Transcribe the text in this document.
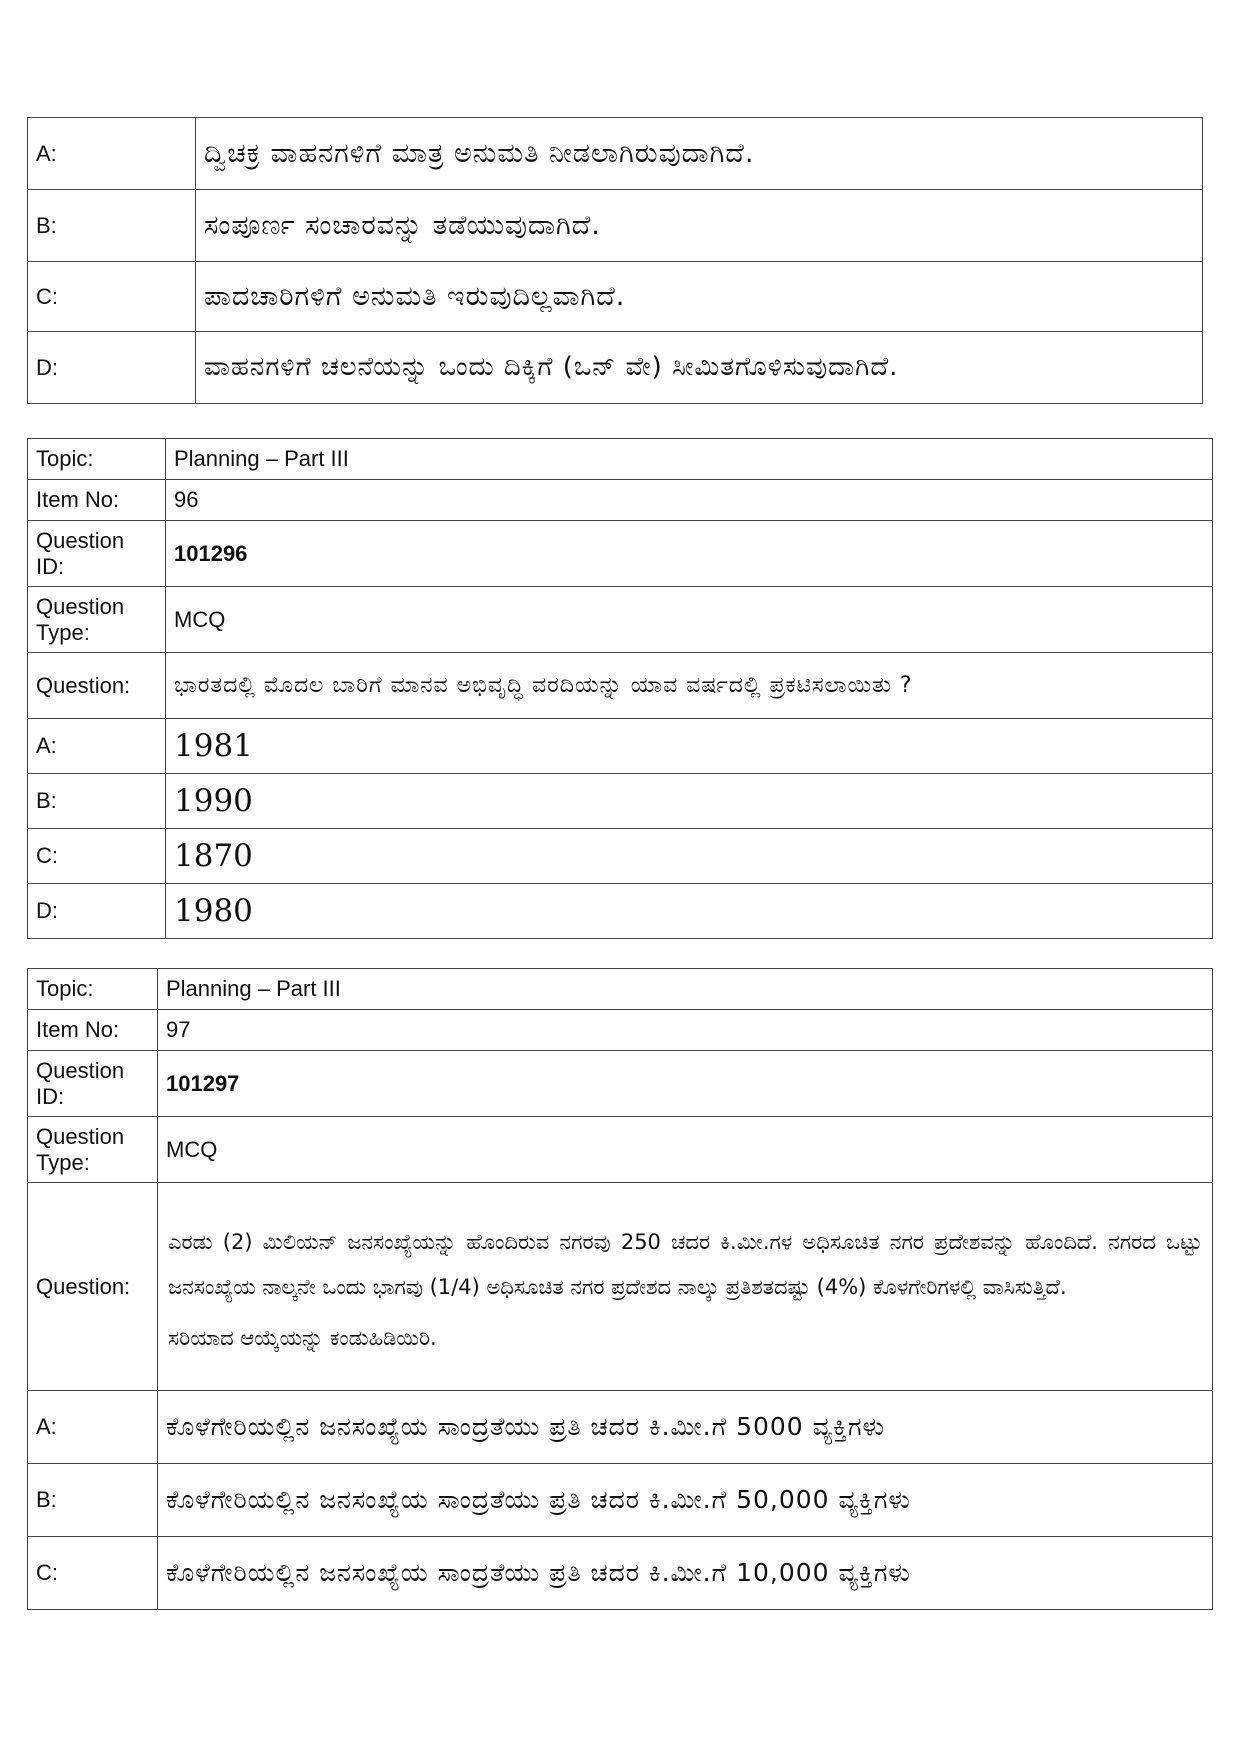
A:	ದ್ವಿಚಕ್ರ ವಾಹನಗಳಿಗೆ ಮಾತ್ರ ಅನುಮತಿ ನೀಡಲಾಗಿರುವುದಾಗಿದೆ.
B:	ಸಂಪೂರ್ಣ ಸಂಚಾರವನ್ನು ತಡೆಯುವುದಾಗಿದೆ.
C:	ಪಾದಚಾರಿಗಳಿಗೆ ಅನುಮತಿ ಇರುವುದಿಲ್ಲವಾಗಿದೆ.
D:	ವಾಹನಗಳಿಗೆ ಚಲನೆಯನ್ನು ಒಂದು ದಿಕ್ಕಿಗೆ (ಒನ್ ವೇ) ಸೀಮಿತಗೊಳಿಸುವುದಾಗಿದೆ.
Topic:	Planning – Part III
Item No:	96
Question
ID:	101296
Question
Type:	MCQ
Question:	ಭಾರತದಲ್ಲಿ ಮೊದಲ ಬಾರಿಗೆ ಮಾನವ ಅಭಿವೃದ್ಧಿ ವರದಿಯನ್ನು ಯಾವ ವರ್ಷದಲ್ಲಿ ಪ್ರಕಟಿಸಲಾಯಿತು ?
A:	1981
B:	1990
C:	1870
D:	1980
Topic:	Planning – Part III
Item No:	97
Question
ID:	101297
Question
Type:	MCQ
Question:	ಎರಡು (2) ಮಿಲಿಯನ್ ಜನಸಂಖ್ಯೆಯನ್ನು ಹೊಂದಿರುವ ನಗರವು 250 ಚದರ ಕಿ.ಮೀ.ಗಳ ಅಧಿಸೂಚಿತ ನಗರ ಪ್ರದೇಶವನ್ನು ಹೊಂದಿದೆ. ನಗರದ ಒಟ್ಟು ಜನಸಂಖ್ಯೆಯ ನಾಲ್ಕನೇ ಒಂದು ಭಾಗವು (1/4) ಅಧಿಸೂಚಿತ ನಗರ ಪ್ರದೇಶದ ನಾಲ್ಕು ಪ್ರತಿಶತದಷ್ಟು (4%) ಕೊಳಗೇರಿಗಳಲ್ಲಿ ವಾಸಿಸುತ್ತಿದೆ.

ಸರಿಯಾದ ಆಯ್ಕೆಯನ್ನು ಕಂಡುಹಿಡಿಯಿರಿ.

A:	ಕೊಳೆಗೇರಿಯಲ್ಲಿನ ಜನಸಂಖ್ಯೆಯ ಸಾಂದ್ರತೆಯು ಪ್ರತಿ ಚದರ ಕಿ.ಮೀ.ಗೆ 5000 ವ್ಯಕ್ತಿಗಳು
B:	ಕೊಳೆಗೇರಿಯಲ್ಲಿನ ಜನಸಂಖ್ಯೆಯ ಸಾಂದ್ರತೆಯು ಪ್ರತಿ ಚದರ ಕಿ.ಮೀ.ಗೆ 50,000 ವ್ಯಕ್ತಿಗಳು
C:	ಕೊಳೆಗೇರಿಯಲ್ಲಿನ ಜನಸಂಖ್ಯೆಯ ಸಾಂದ್ರತೆಯು ಪ್ರತಿ ಚದರ ಕಿ.ಮೀ.ಗೆ 10,000 ವ್ಯಕ್ತಿಗಳು
